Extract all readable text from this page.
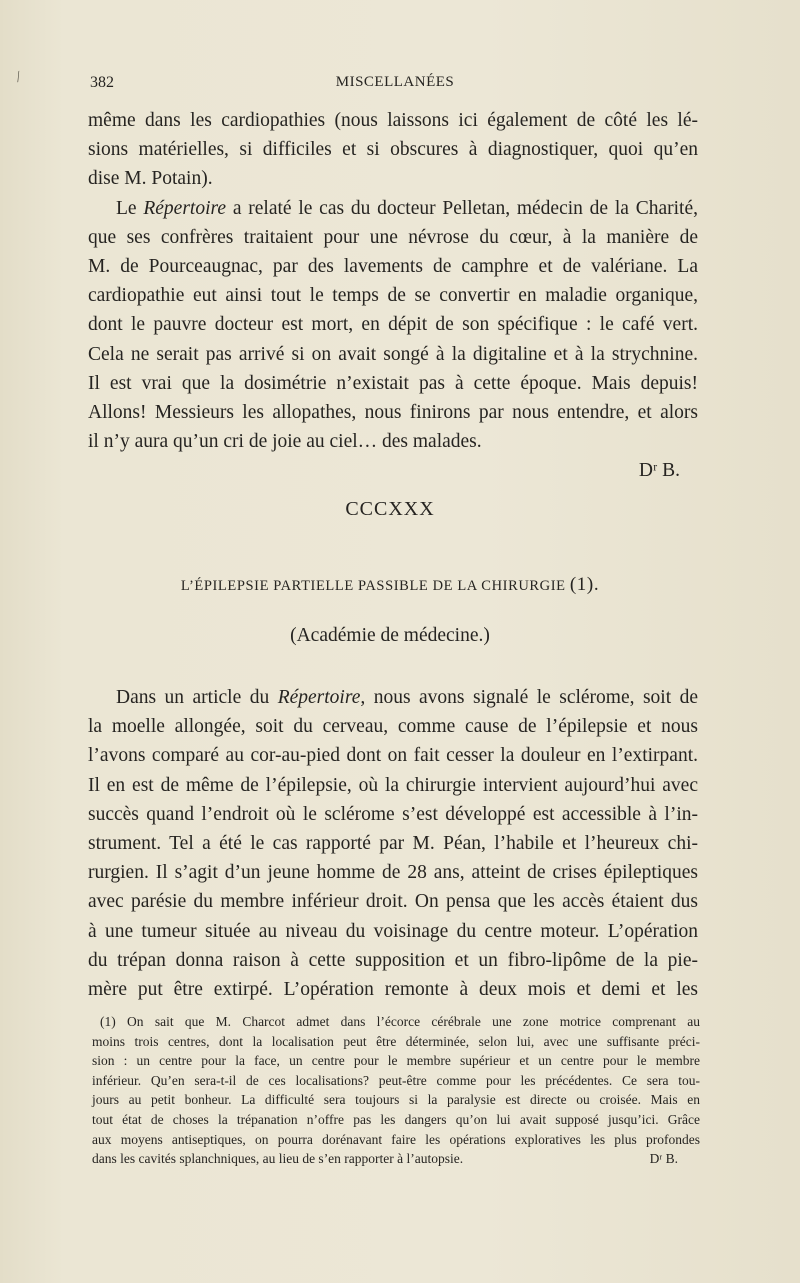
382	MISCELLANÉES
même dans les cardiopathies (nous laissons ici également de côté les lé-
sions matérielles, si difficiles et si obscures à diagnostiquer, quoi qu’en
dise M. Potain).
Le Répertoire a relaté le cas du docteur Pelletan, médecin de la Charité,
que ses confrères traitaient pour une névrose du cœur, à la manière de
M. de Pourceaugnac, par des lavements de camphre et de valériane. La
cardiopathie eut ainsi tout le temps de se convertir en maladie organique,
dont le pauvre docteur est mort, en dépit de son spécifique : le café vert.
Cela ne serait pas arrivé si on avait songé à la digitaline et à la strychnine.
Il est vrai que la dosimétrie n’existait pas à cette époque. Mais depuis!
Allons! Messieurs les allopathes, nous finirons par nous entendre, et alors
il n’y aura qu’un cri de joie au ciel… des malades.
Dʳ B.
CCCXXX
L’ÉPILEPSIE PARTIELLE PASSIBLE DE LA CHIRURGIE (1).
(Académie de médecine.)
Dans un article du Répertoire, nous avons signalé le sclérome, soit de
la moelle allongée, soit du cerveau, comme cause de l’épilepsie et nous
l’avons comparé au cor-au-pied dont on fait cesser la douleur en l’extirpant.
Il en est de même de l’épilepsie, où la chirurgie intervient aujourd’hui avec
succès quand l’endroit où le sclérome s’est développé est accessible à l’in-
strument. Tel a été le cas rapporté par M. Péan, l’habile et l’heureux chi-
rurgien. Il s’agit d’un jeune homme de 28 ans, atteint de crises épileptiques
avec parésie du membre inférieur droit. On pensa que les accès étaient dus
à une tumeur située au niveau du voisinage du centre moteur. L’opération
du trépan donna raison à cette supposition et un fibro-lipôme de la pie-
mère put être extirpé. L’opération remonte à deux mois et demi et les
(1) On sait que M. Charcot admet dans l’écorce cérébrale une zone motrice comprenant au
moins trois centres, dont la localisation peut être déterminée, selon lui, avec une suffisante préci-
sion : un centre pour la face, un centre pour le membre supérieur et un centre pour le membre
inférieur. Qu’en sera-t-il de ces localisations? peut-être comme pour les précédentes. Ce sera tou-
jours au petit bonheur. La difficulté sera toujours si la paralysie est directe ou croisée. Mais en
tout état de choses la trépanation n’offre pas les dangers qu’on lui avait supposé jusqu’ici. Grâce
aux moyens antiseptiques, on pourra dorénavant faire les opérations exploratives les plus profondes
dans les cavités splanchniques, au lieu de s’en rapporter à l’autopsie.	Dʳ B.
⁄
